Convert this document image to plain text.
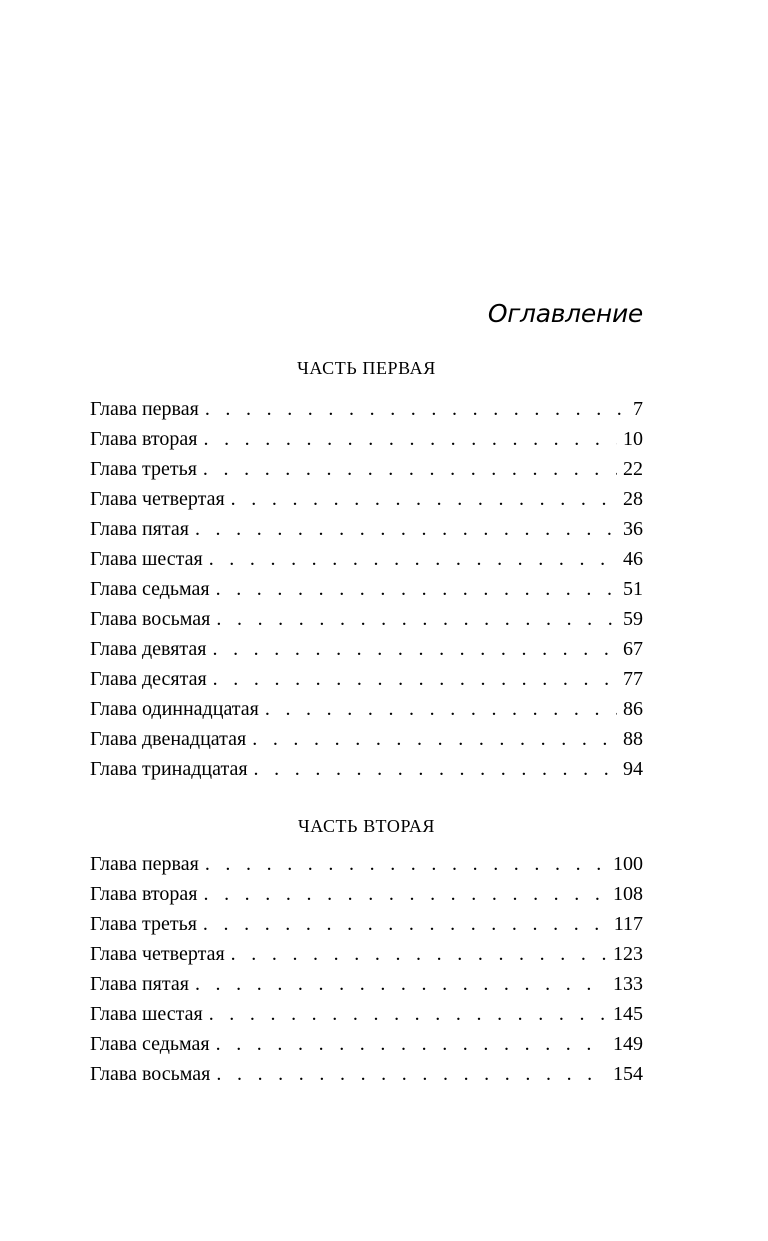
Оглавление
ЧАСТЬ ПЕРВАЯ
Глава первая . . .	7
Глава вторая . . .	10
Глава третья . . .	22
Глава четвертая . . .	28
Глава пятая . . .	36
Глава шестая . . .	46
Глава седьмая . . .	51
Глава восьмая . . .	59
Глава девятая . . .	67
Глава десятая . . .	77
Глава одиннадцатая . . .	86
Глава двенадцатая . . .	88
Глава тринадцатая . . .	94
ЧАСТЬ ВТОРАЯ
Глава первая . . .	100
Глава вторая . . .	108
Глава третья . . .	117
Глава четвертая . . .	123
Глава пятая . . .	133
Глава шестая . . .	145
Глава седьмая . . .	149
Глава восьмая . . .	154
